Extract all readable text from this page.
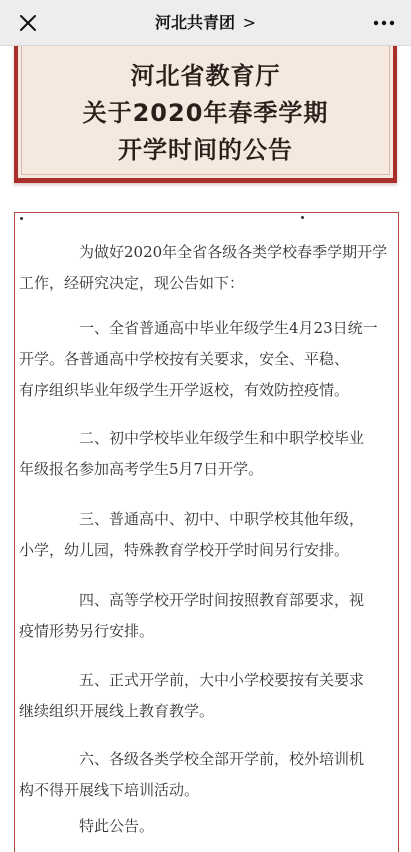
河北共青团 >
河北省教育厅
关于2020年春季学期
开学时间的公告

为做好2020年全省各级各类学校春季学期开学
工作，经研究决定，现公告如下：

一、全省普通高中毕业年级学生4月23日统一
开学。各普通高中学校按有关要求，安全、平稳、
有序组织毕业年级学生开学返校，有效防控疫情。

二、初中学校毕业年级学生和中职学校毕业
年级报名参加高考学生5月7日开学。

三、普通高中、初中、中职学校其他年级，
小学，幼儿园，特殊教育学校开学时间另行安排。

四、高等学校开学时间按照教育部要求，视
疫情形势另行安排。

五、正式开学前，大中小学校要按有关要求
继续组织开展线上教育教学。

六、各级各类学校全部开学前，校外培训机
构不得开展线下培训活动。

特此公告。
